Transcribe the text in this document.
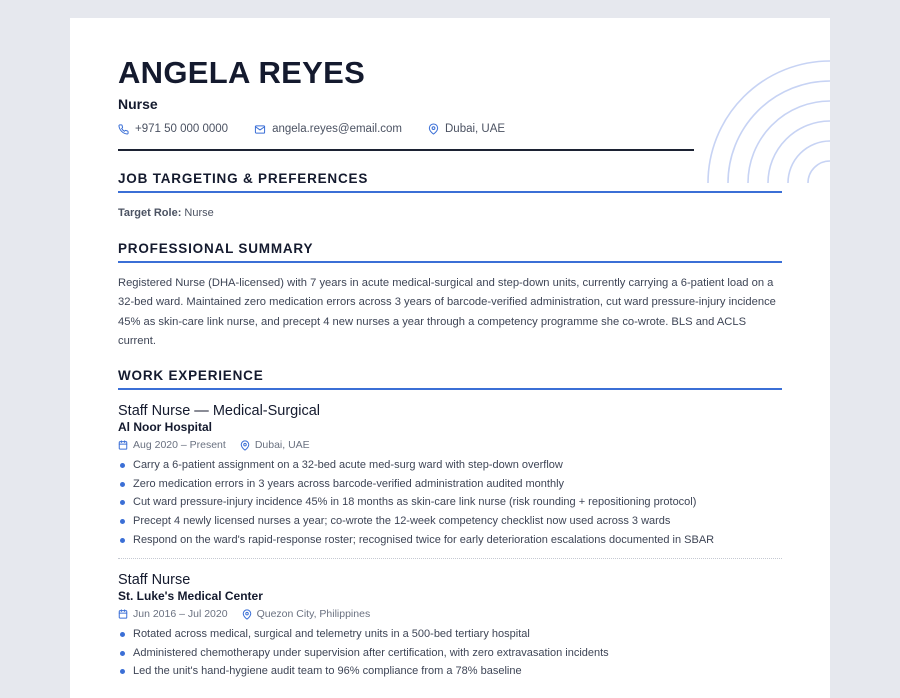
ANGELA REYES
Nurse
+971 50 000 0000	angela.reyes@email.com	Dubai, UAE
JOB TARGETING & PREFERENCES
Target Role: Nurse
PROFESSIONAL SUMMARY
Registered Nurse (DHA-licensed) with 7 years in acute medical-surgical and step-down units, currently carrying a 6-patient load on a 32-bed ward. Maintained zero medication errors across 3 years of barcode-verified administration, cut ward pressure-injury incidence 45% as skin-care link nurse, and precept 4 new nurses a year through a competency programme she co-wrote. BLS and ACLS current.
WORK EXPERIENCE
Staff Nurse — Medical-Surgical
Al Noor Hospital
Aug 2020 – Present	Dubai, UAE
Carry a 6-patient assignment on a 32-bed acute med-surg ward with step-down overflow
Zero medication errors in 3 years across barcode-verified administration audited monthly
Cut ward pressure-injury incidence 45% in 18 months as skin-care link nurse (risk rounding + repositioning protocol)
Precept 4 newly licensed nurses a year; co-wrote the 12-week competency checklist now used across 3 wards
Respond on the ward's rapid-response roster; recognised twice for early deterioration escalations documented in SBAR
Staff Nurse
St. Luke's Medical Center
Jun 2016 – Jul 2020	Quezon City, Philippines
Rotated across medical, surgical and telemetry units in a 500-bed tertiary hospital
Administered chemotherapy under supervision after certification, with zero extravasation incidents
Led the unit's hand-hygiene audit team to 96% compliance from a 78% baseline
